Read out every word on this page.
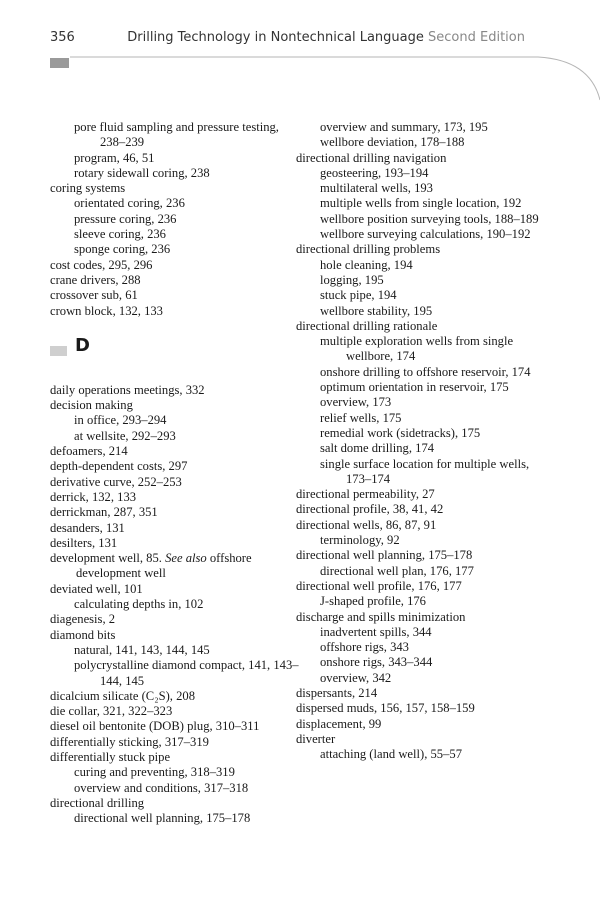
356	Drilling Technology in Nontechnical Language Second Edition

pore fluid sampling and pressure testing, 238–239

program, 46, 51

rotary sidewall coring, 238

coring systems

orientated coring, 236

pressure coring, 236

sleeve coring, 236

sponge coring, 236

cost codes, 295, 296

crane drivers, 288

crossover sub, 61

crown block, 132, 133

D

daily operations meetings, 332

decision making

in office, 293–294

at wellsite, 292–293

defoamers, 214

depth-dependent costs, 297

derivative curve, 252–253

derrick, 132, 133

derrickman, 287, 351

desanders, 131

desilters, 131

development well, 85. See also offshore development well

deviated well, 101

calculating depths in, 102

diagenesis, 2

diamond bits

natural, 141, 143, 144, 145

polycrystalline diamond compact, 141, 143–144, 145

dicalcium silicate (C₂S), 208

die collar, 321, 322–323

diesel oil bentonite (DOB) plug, 310–311

differentially sticking, 317–319

differentially stuck pipe

curing and preventing, 318–319

overview and conditions, 317–318

directional drilling

directional well planning, 175–178

overview and summary, 173, 195

wellbore deviation, 178–188

directional drilling navigation

geosteering, 193–194

multilateral wells, 193

multiple wells from single location, 192

wellbore position surveying tools, 188–189

wellbore surveying calculations, 190–192

directional drilling problems

hole cleaning, 194

logging, 195

stuck pipe, 194

wellbore stability, 195

directional drilling rationale

multiple exploration wells from single wellbore, 174

onshore drilling to offshore reservoir, 174

optimum orientation in reservoir, 175

overview, 173

relief wells, 175

remedial work (sidetracks), 175

salt dome drilling, 174

single surface location for multiple wells, 173–174

directional permeability, 27

directional profile, 38, 41, 42

directional wells, 86, 87, 91

terminology, 92

directional well planning, 175–178

directional well plan, 176, 177

directional well profile, 176, 177

J-shaped profile, 176

discharge and spills minimization

inadvertent spills, 344

offshore rigs, 343

onshore rigs, 343–344

overview, 342

dispersants, 214

dispersed muds, 156, 157, 158–159

displacement, 99

diverter

attaching (land well), 55–57
